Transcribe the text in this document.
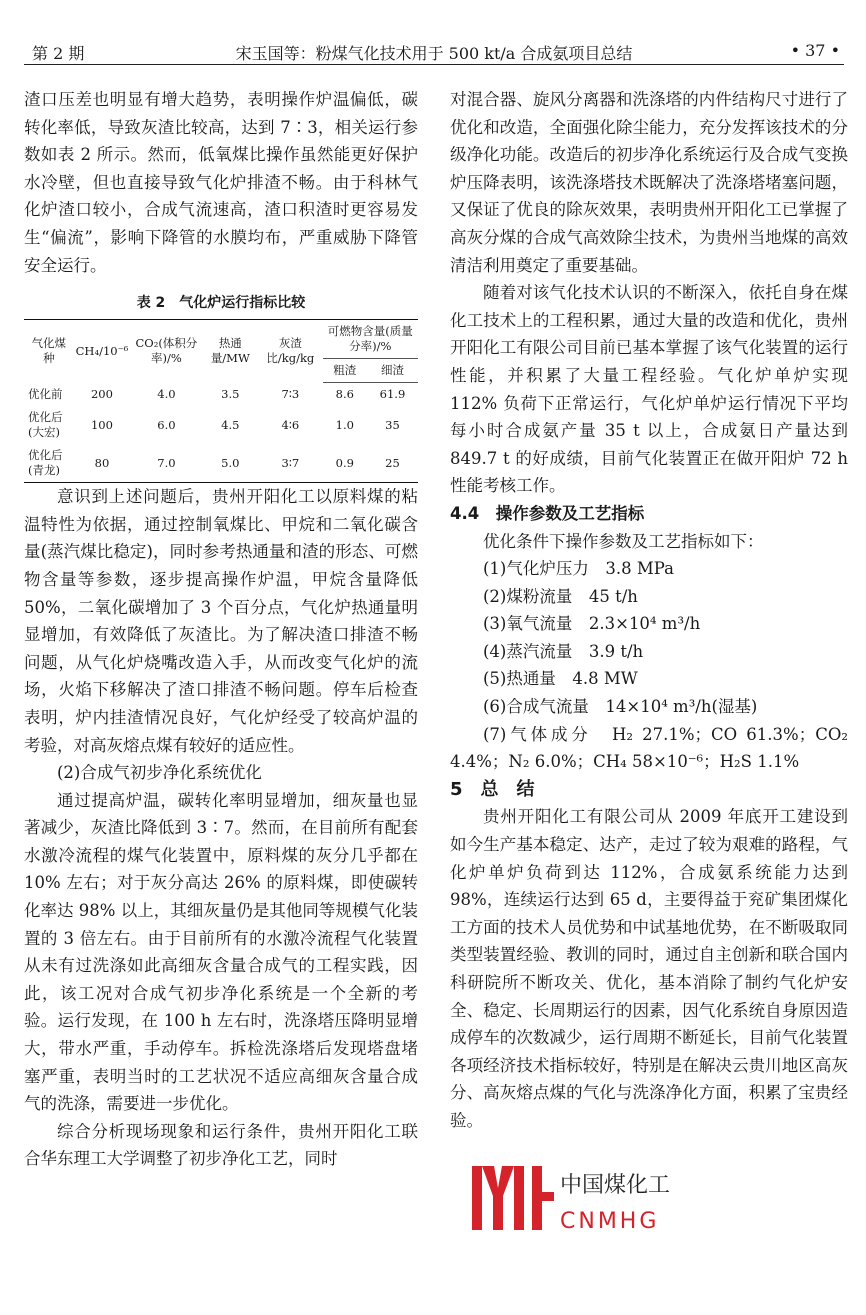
第 2 期	宋玉国等：粉煤气化技术用于 500 kt/a 合成氨项目总结	• 37 •

渣口压差也明显有增大趋势，表明操作炉温偏低，碳转化率低，导致灰渣比较高，达到 7∶3，相关运行参数如表 2 所示。然而，低氧煤比操作虽然能更好保护水冷壁，但也直接导致气化炉排渣不畅。由于科林气化炉渣口较小，合成气流速高，渣口积渣时更容易发生“偏流”，影响下降管的水膜均布，严重威胁下降管安全运行。

表 2　气化炉运行指标比较
气化煤种	CH₄/10⁻⁶	CO₂(体积分率)/%	热通量/MW	灰渣比/kg/kg	可燃物含量(质量分率)/%	
					粗渣	细渣
优化前	200	4.0	3.5	7∶3	8.6	61.9
优化后(大宏)	100	6.0	4.5	4∶6	1.0	35
优化后(青龙)	80	7.0	5.0	3∶7	0.9	25

意识到上述问题后，贵州开阳化工以原料煤的粘温特性为依据，通过控制氧煤比、甲烷和二氧化碳含量(蒸汽煤比稳定)，同时参考热通量和渣的形态、可燃物含量等参数，逐步提高操作炉温，甲烷含量降低 50%，二氧化碳增加了 3 个百分点，气化炉热通量明显增加，有效降低了灰渣比。为了解决渣口排渣不畅问题，从气化炉烧嘴改造入手，从而改变气化炉的流场，火焰下移解决了渣口排渣不畅问题。停车后检查表明，炉内挂渣情况良好，气化炉经受了较高炉温的考验，对高灰熔点煤有较好的适应性。

(2)合成气初步净化系统优化

通过提高炉温，碳转化率明显增加，细灰量也显著减少，灰渣比降低到 3∶7。然而，在目前所有配套水激冷流程的煤气化装置中，原料煤的灰分几乎都在 10% 左右；对于灰分高达 26% 的原料煤，即使碳转化率达 98% 以上，其细灰量仍是其他同等规模气化装置的 3 倍左右。由于目前所有的水激冷流程气化装置从未有过洗涤如此高细灰含量合成气的工程实践，因此，该工况对合成气初步净化系统是一个全新的考验。运行发现，在 100 h 左右时，洗涤塔压降明显增大，带水严重，手动停车。拆检洗涤塔后发现塔盘堵塞严重，表明当时的工艺状况不适应高细灰含量合成气的洗涤，需要进一步优化。

综合分析现场现象和运行条件，贵州开阳化工联合华东理工大学调整了初步净化工艺，同时

对混合器、旋风分离器和洗涤塔的内件结构尺寸进行了优化和改造，全面强化除尘能力，充分发挥该技术的分级净化功能。改造后的初步净化系统运行及合成气变换炉压降表明，该洗涤塔技术既解决了洗涤塔堵塞问题，又保证了优良的除灰效果，表明贵州开阳化工已掌握了高灰分煤的合成气高效除尘技术，为贵州当地煤的高效清洁利用奠定了重要基础。

随着对该气化技术认识的不断深入，依托自身在煤化工技术上的工程积累，通过大量的改造和优化，贵州开阳化工有限公司目前已基本掌握了该气化装置的运行性能，并积累了大量工程经验。气化炉单炉实现 112% 负荷下正常运行，气化炉单炉运行情况下平均每小时合成氨产量 35 t 以上，合成氨日产量达到 849.7 t 的好成绩，目前气化装置正在做开阳炉 72 h 性能考核工作。

4.4　操作参数及工艺指标

优化条件下操作参数及工艺指标如下：

(1)气化炉压力　3.8 MPa

(2)煤粉流量　45 t/h

(3)氧气流量　2.3×10⁴ m³/h

(4)蒸汽流量　3.9 t/h

(5)热通量　4.8 MW

(6)合成气流量　14×10⁴ m³/h(湿基)

(7)气体成分　H₂ 27.1%；CO 61.3%；CO₂ 4.4%；N₂ 6.0%；CH₄ 58×10⁻⁶；H₂S 1.1%

5　总　结

贵州开阳化工有限公司从 2009 年底开工建设到如今生产基本稳定、达产，走过了较为艰难的路程，气化炉单炉负荷到达 112%，合成氨系统能力达到 98%，连续运行达到 65 d，主要得益于兖矿集团煤化工方面的技术人员优势和中试基地优势，在不断吸取同类型装置经验、教训的同时，通过自主创新和联合国内科研院所不断攻关、优化，基本消除了制约气化炉安全、稳定、长周期运行的因素，因气化系统自身原因造成停车的次数减少，运行周期不断延长，目前气化装置各项经济技术指标较好，特别是在解决云贵川地区高灰分、高灰熔点煤的气化与洗涤净化方面，积累了宝贵经验。

中国煤化工
CNMHG
